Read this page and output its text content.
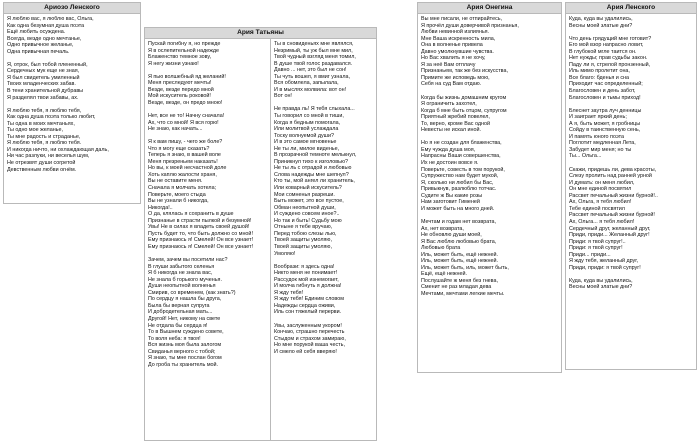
Ариозо Ленского
Я люблю вас, я люблю вас, Ольга,
Как одна безумная душа поэта
Ещё любить осуждена.
Всегда, везде одно мечтанье,
Одно привычное желанье,
Одна привычная печаль.

Я, отрок, был тобой плененный,
Сердечных мук еще не зная,
Я был свидетель умиленный
Твоих младенческих забав.
В тени хранительной дубравы
Я разделял твои забавы, ах.

Я люблю тебя, я люблю тебя,
Как одна душа поэта только любит,
Ты одна в моих мечтаньях,
Ты одно мое желанье,
Ты мне радость и страданье,
Я люблю тебя, я люблю тебя.
И никогда ничто, ни охлаждающая даль,
Ни час разлуки, ни веселья шум,
Не отрезвят души согретой
Девственным любви огнём.
Ария Татьяны
Пускай погибну я, но прежде
Я в ослепительной надежде
Блаженство темное зову,
Я негу жизни узнаю!

Я пью волшебный яд желаний!
Меня преследуют мечты!
Везде, везде передо мной
Мой искуситель роковой!
Везде, везде, он предо мною!

Нет, все не то! Начну сначала!
Ах, что со мной! Я вся горю!
Не знаю, как начать...

Я к вам пишу, - чего же боле?
Что я могу еще сказать?
Теперь я знаю, в вашей воле
Меня презреньем наказать!
Но вы, к моей несчастной доле
Хоть каплю жалости храня,
Вы не оставите меня.
Сначала я молчать хотела;
Поверьте, моего стыда
Вы не узнали б никогда,
Никогда!..
О да, клялась я сохранить в душе
Признанье в страсти пылкой и безумной!
Увы! Не в силах я владеть своей душой!
Пусть будет то, что быть должно со мной!
Ему признаюсь я! Смелей! Он все узнает!
Ему признаюсь я! Смелей! Он все узнает!

Зачем, зачем вы посетили нас?
В глуши забытого селенья
Я б никогда не знала вас,
Не знала б горького мученья.
Души неопытной волненья
Смирив, со временем, (как знать?)
По сердцу я нашла бы друга,
Была бы верная супруга
И добродетельная мать...
Другой! Нет, никому на свете
Не отдала бы сердца я!
То в Вышнем суждено совете,
То воля неба: я твоя!
Вся жизнь моя была залогом
Свиданья верного с тобой;
Я знаю, ты мне послан богом
До гроба ты хранитель мой.
Ты в сновиденьях мне являлся,
Незримый, ты уж был мне мил,
Твой чудный взгляд меня томил,
В душе твой голос раздавался.
Давно ... нет, это был не сон!
Ты чуть вошел, я вмиг узнала,
Вся обомлела, запылала,
И в мыслях молвила: вот он!
Вот он!

Не правда ль! Я тебя слыхала...
Ты говорил со мной в тиши,
Когда я бедным помогала,
Или молитвой услаждала
Тоску волнуемой души?
И в это самое мгновенье
Не ты ли, милое виденье,
В прозрачной темноте мелькнул,
Приникнул тихо к изголовью?
Не ты ль с отрадой и любовью
Слова надежды мне шепнул?
Кто ты, мой ангел ли хранитель,
Или коварный искуситель?
Мои сомненья разреши.
Быть может, это все пустое,
Обман неопытной души,
И суждено совсем иное?..
Но так и быть! Судьбу мою
Отныне я тебе вручаю,
Перед тобою слезы лью,
Твоей защиты умоляю,
Твоей защиты умоляю,
Умоляю!

Вообрази: я здесь одна!
Никто меня не понимает!
Рассудок мой изнемогает,
И молча гибнуть я должна!
Я жду тебя!
Я жду тебя! Единим словом
Надежды сердца оживи,
Иль сон тяжелый перерви.

Увы, заслуженным укором!
Кончаю, страшно перечесть
Стыдом и страхом замираю,
Но мне порукой ваша честь,
И смело ей себя вверяю!
Ария Онегина
Вы мне писали, не отпирайтесь,
Я прочёл души доверчивой признанья,
Любви невинной излиянья.
Мне Ваша искренность мила,
Она в волненье привела
Давно умолкнувшие чувства.
Но Вас хвалить я не хочу,
Я за неё Вам отплачу
Признаньем, так же без искусства,
Примите же исповедь мою,
Себя на суд Вам отдаю.

Когда бы жизнь домашним кругом
Я ограничить захотел,
Когда б мне быть отцом, супругом
Приятный жребий повелел,
То, верно, кроме Вас одной
Невесты не искал иной.

Но я не создан для блаженства,
Ему чужда душа моя,
Напрасны Ваши совершенства,
Их не достоин вовсе я.
Поверьте, совесть в том порукой,
Супружество нам будет мукой,
Я, сколько ни любил бы Вас,
Привыкнув, разлюблю тотчас.
Судите ж Вы какие розы
Нам заготовит Гименей
И может быть на много дней.

Мечтам и годам нет возврата,
Ах, нет возврата,
Не обновлю души моей,
Я Вас люблю любовью брата,
Любовью брата
Иль, может быть, ещё нежней.
Иль, может быть, ещё нежней.
Иль, может быть, иль, может быть,
Ещё, ещё нежней.
Послушайте ж меня без гнева,
Сменит не раз младая дева
Мечтами, мечтами легкие мечты.
Ария Ленского
Куда, куда вы удалились,
Весны моей златые дни?

Что день грядущий мне готовит?
Его мой взор напрасно ловит,
В глубокой мгле таится он.
Нет нужды; прав судьбы закон.
Паду ли я, стрелой пронзенный,
Иль мимо пролетит она,
Все благо: бденья и сна
Приходит час определенный;
Благословен и день забот,
Благословен и тьмы приход!

Блеснет заутра луч денницы
И заиграет яркий день;
А я, быть может, я гробницы
Сойду в таинственную сень,
И память юного поэта
Поглотит медленная Лета,
Забудет мир меня; но ты
Ты... Ольга...

Скажи, придешь ли, дева красоты,
Слезу пролить над ранней урной
И думать: он меня любил,
Он мне единой посвятил
Рассвет печальный жизни бурной!..
Ах, Ольга, я тебя любил!
Тебе единой посвятил
Рассвет печальный жизни бурной!
Ах, Ольга... я тебя любил!
Сердечный друг, желанный друг,
Приди, приди... Желанный друг!
Приди: я твой супруг!..
Приди: я твой супруг!
Приди... приди...
Я жду тебя, желанный друг,
Приди, приди: я твой супруг!

Куда, куда вы удалились,
Весны моей златые дни?
